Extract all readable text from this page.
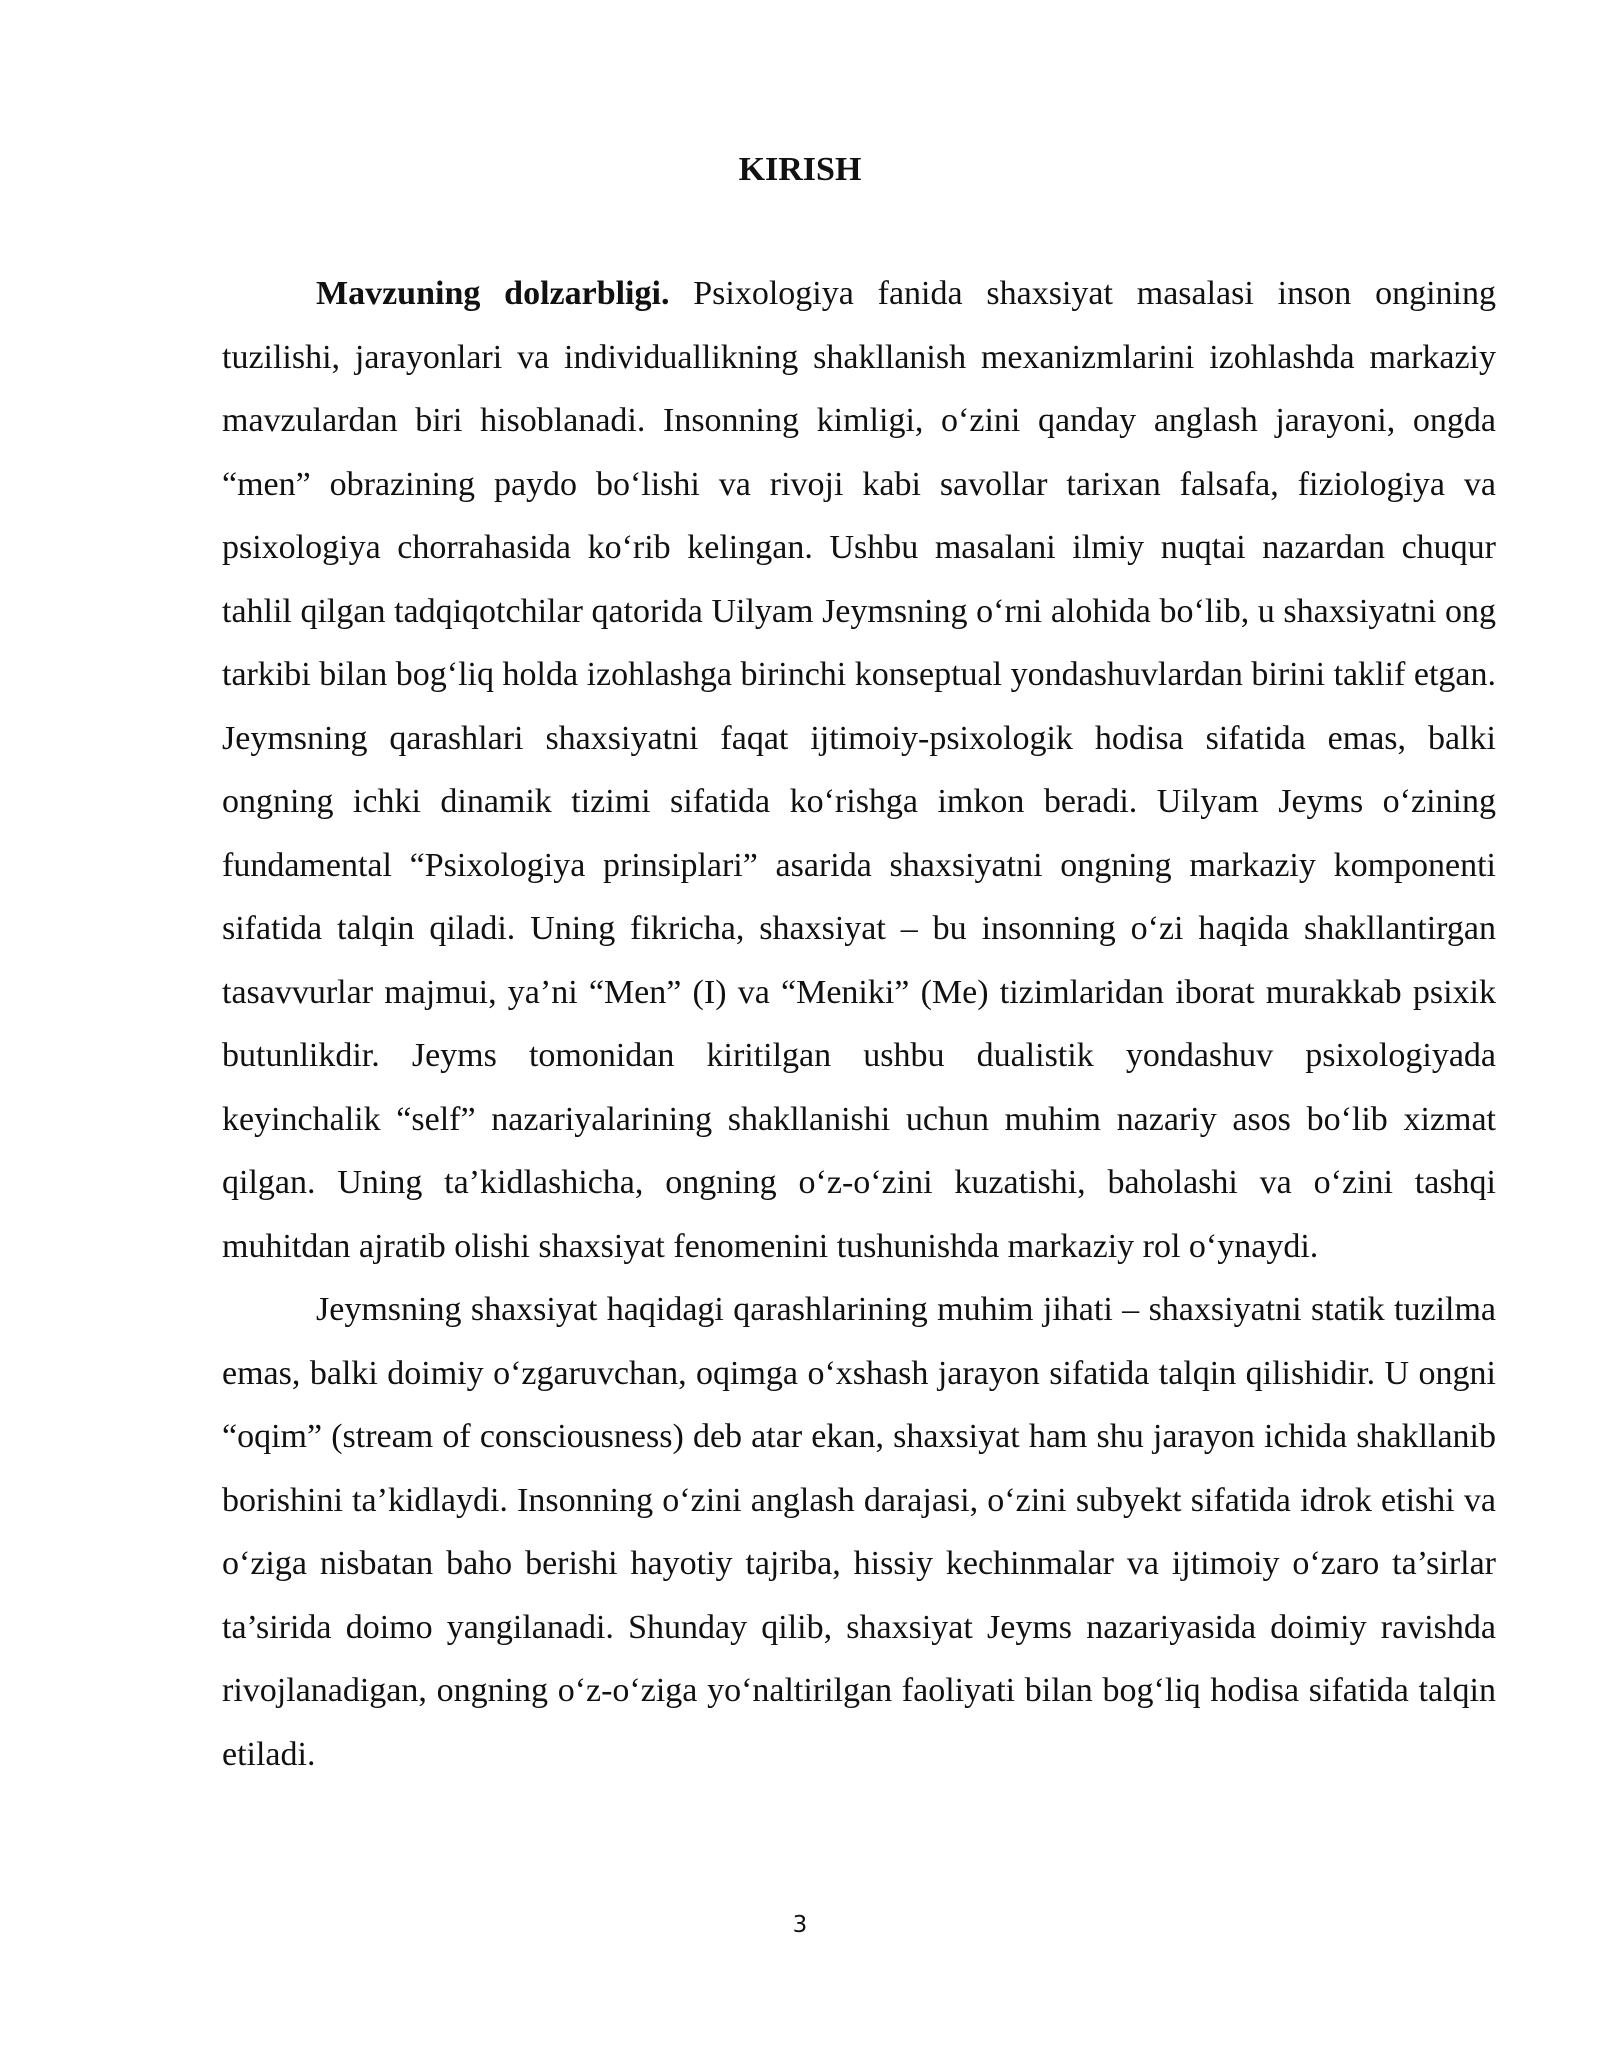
KIRISH

Mavzuning dolzarbligi. Psixologiya fanida shaxsiyat masalasi inson ongining tuzilishi, jarayonlari va individuallikning shakllanish mexanizmlarini izohlashda markaziy mavzulardan biri hisoblanadi. Insonning kimligi, o‘zini qanday anglash jarayoni, ongda “men” obrazining paydo bo‘lishi va rivoji kabi savollar tarixan falsafa, fiziologiya va psixologiya chorrahasida ko‘rib kelingan. Ushbu masalani ilmiy nuqtai nazardan chuqur tahlil qilgan tadqiqotchilar qatorida Uilyam Jeymsning o‘rni alohida bo‘lib, u shaxsiyatni ong tarkibi bilan bog‘liq holda izohlashga birinchi konseptual yondashuvlardan birini taklif etgan. Jeymsning qarashlari shaxsiyatni faqat ijtimoiy-psixologik hodisa sifatida emas, balki ongning ichki dinamik tizimi sifatida ko‘rishga imkon beradi. Uilyam Jeyms o‘zining fundamental “Psixologiya prinsiplari” asarida shaxsiyatni ongning markaziy komponenti sifatida talqin qiladi. Uning fikricha, shaxsiyat – bu insonning o‘zi haqida shakllantirgan tasavvurlar majmui, ya’ni “Men” (I) va “Meniki” (Me) tizimlaridan iborat murakkab psixik butunlikdir. Jeyms tomonidan kiritilgan ushbu dualistik yondashuv psixologiyada keyinchalik “self” nazariyalarining shakllanishi uchun muhim nazariy asos bo‘lib xizmat qilgan. Uning ta’kidlashicha, ongning o‘z-o‘zini kuzatishi, baholashi va o‘zini tashqi muhitdan ajratib olishi shaxsiyat fenomenini tushunishda markaziy rol o‘ynaydi.

Jeymsning shaxsiyat haqidagi qarashlarining muhim jihati – shaxsiyatni statik tuzilma emas, balki doimiy o‘zgaruvchan, oqimga o‘xshash jarayon sifatida talqin qilishidir. U ongni “oqim” (stream of consciousness) deb atar ekan, shaxsiyat ham shu jarayon ichida shakllanib borishini ta’kidlaydi. Insonning o‘zini anglash darajasi, o‘zini subyekt sifatida idrok etishi va o‘ziga nisbatan baho berishi hayotiy tajriba, hissiy kechinmalar va ijtimoiy o‘zaro ta’sirlar ta’sirida doimo yangilanadi. Shunday qilib, shaxsiyat Jeyms nazariyasida doimiy ravishda rivojlanadigan, ongning o‘z-o‘ziga yo‘naltirilgan faoliyati bilan bog‘liq hodisa sifatida talqin etiladi.

3
